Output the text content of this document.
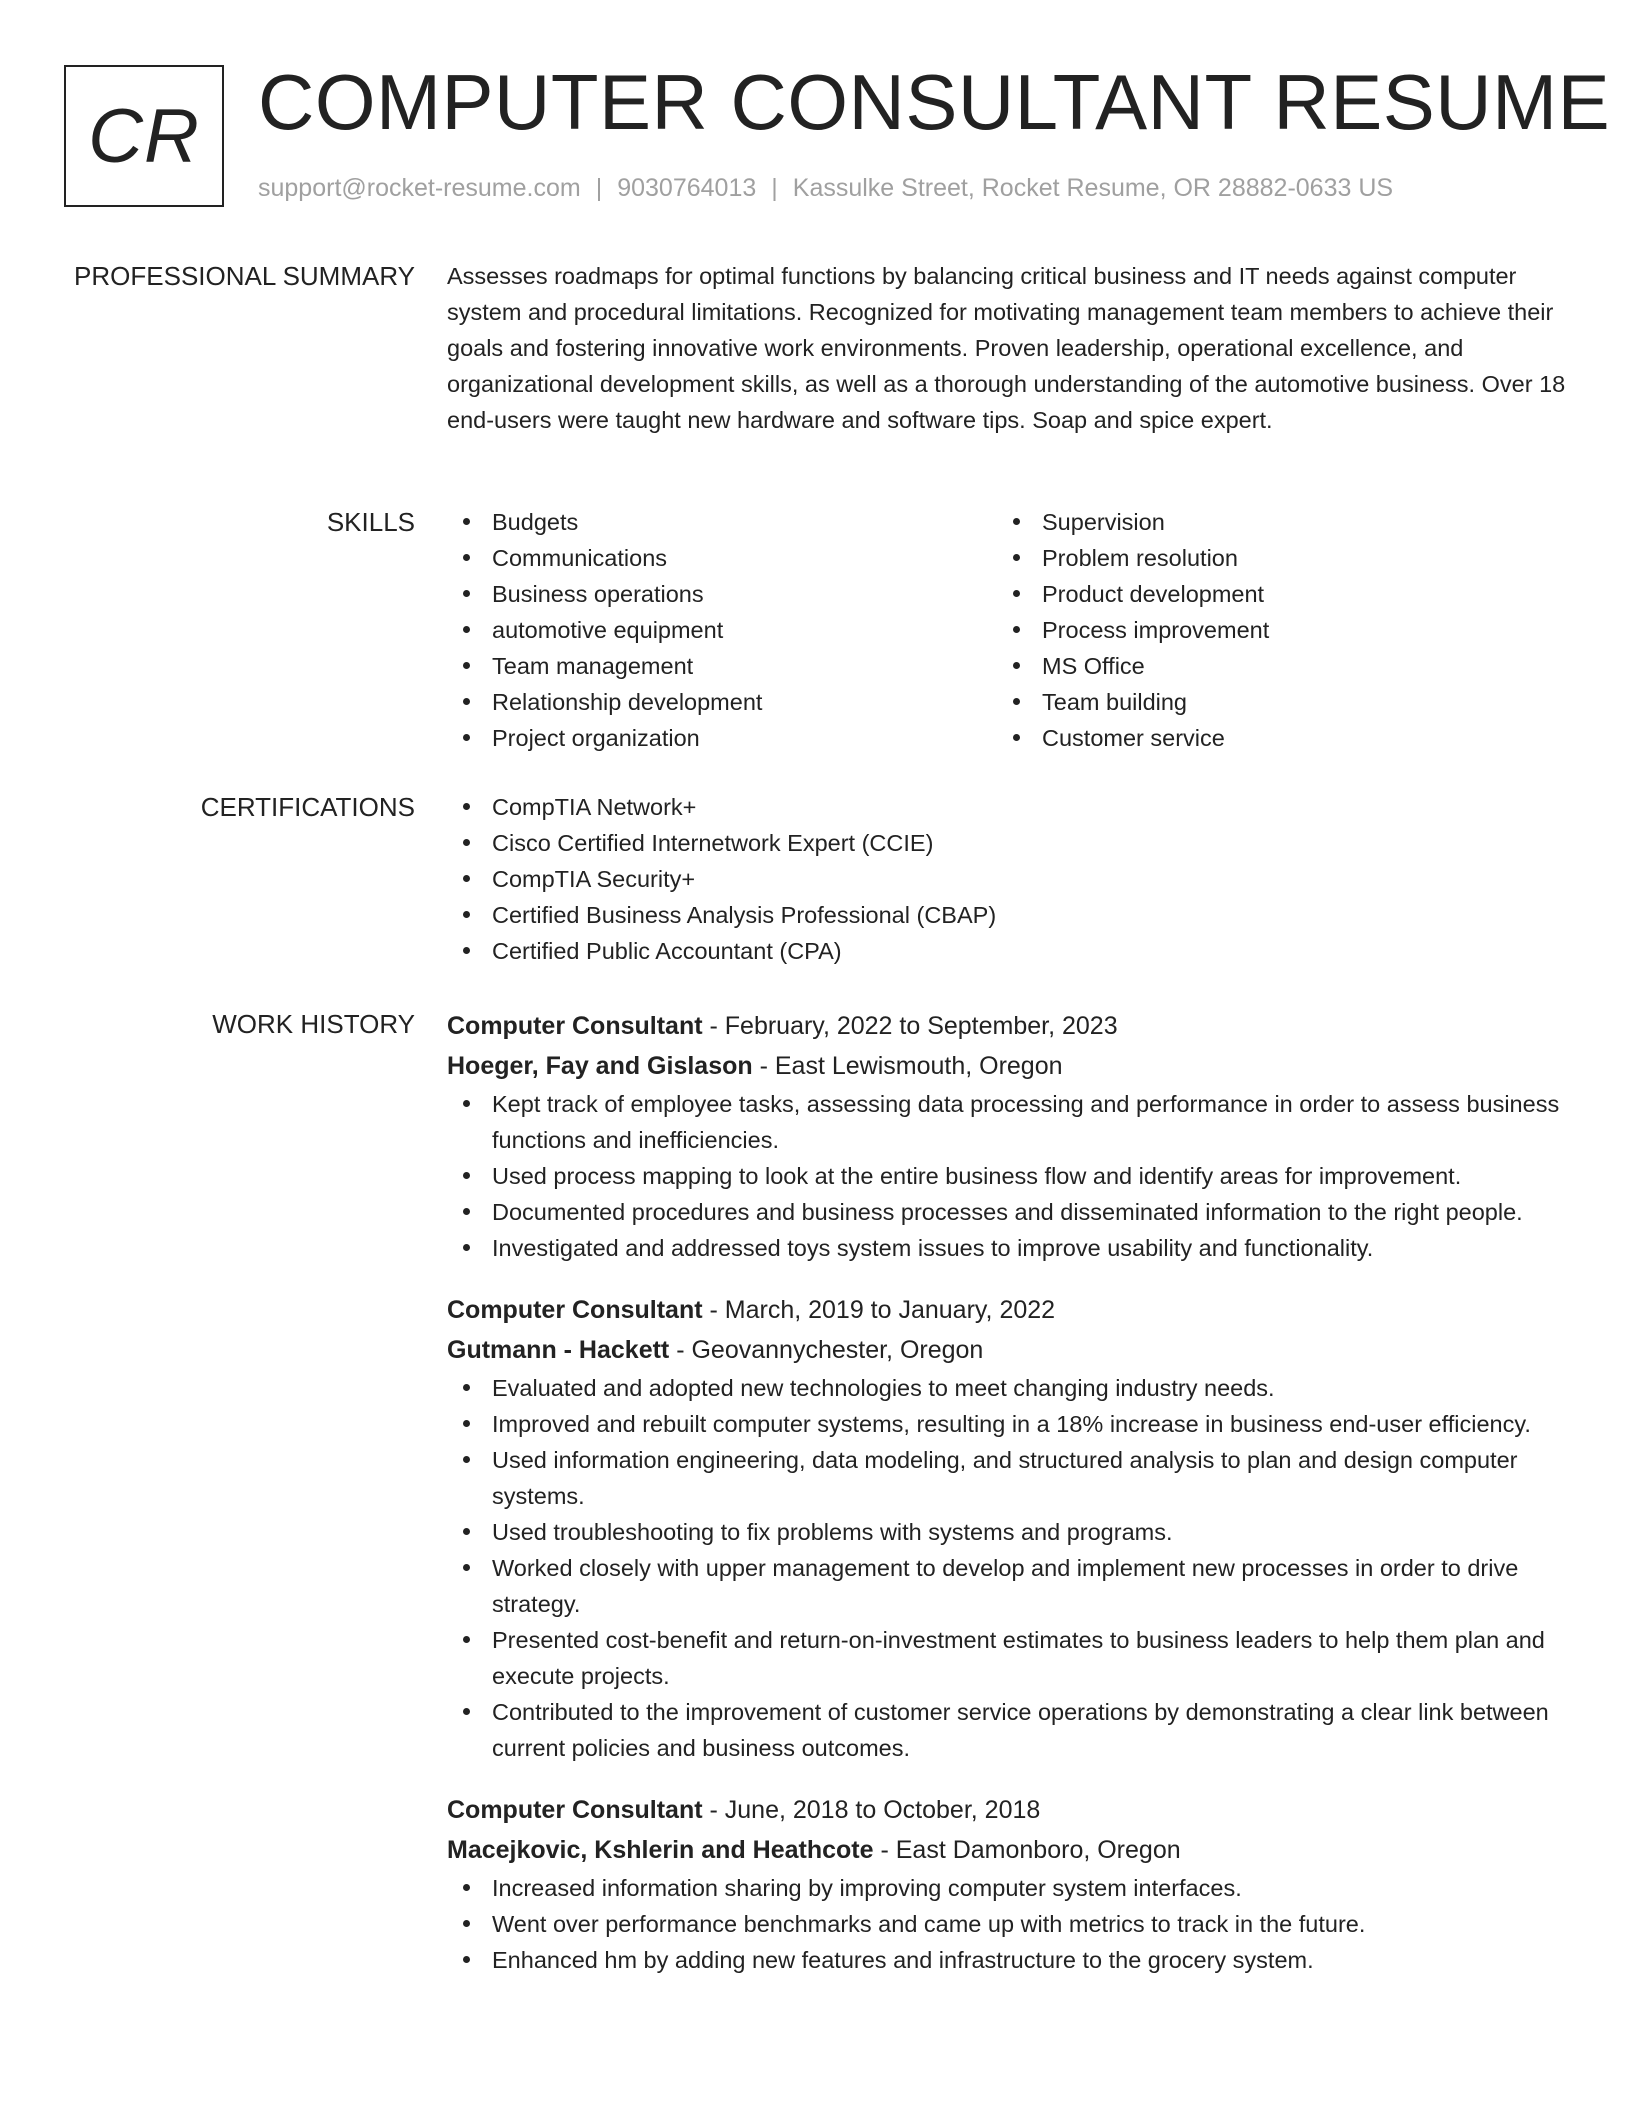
CR COMPUTER CONSULTANT RESUME
support@rocket-resume.com | 9030764013 | Kassulke Street, Rocket Resume, OR 28882-0633 US
PROFESSIONAL SUMMARY Assesses roadmaps for optimal functions by balancing critical business and IT needs against computer system and procedural limitations. Recognized for motivating management team members to achieve their goals and fostering innovative work environments. Proven leadership, operational excellence, and organizational development skills, as well as a thorough understanding of the automotive business. Over 18 end-users were taught new hardware and software tips. Soap and spice expert.

SKILLS	Budgets
Communications
Business operations
automotive equipment
Team management
Relationship development
Project organization
Supervision
Problem resolution
Product development
Process improvement
MS Office
Team building
Customer service
CERTIFICATIONS	CompTIA Network+
Cisco Certified Internetwork Expert (CCIE)
CompTIA Security+
Certified Business Analysis Professional (CBAP)
Certified Public Accountant (CPA)
WORK HISTORY Computer Consultant - February, 2022 to September, 2023
Hoeger, Fay and Gislason - East Lewismouth, Oregon
Kept track of employee tasks, assessing data processing and performance in order to assess business functions and inefficiencies.
Used process mapping to look at the entire business flow and identify areas for improvement.
Documented procedures and business processes and disseminated information to the right people.
Investigated and addressed toys system issues to improve usability and functionality.
Computer Consultant - March, 2019 to January, 2022
Gutmann - Hackett - Geovannychester, Oregon
Evaluated and adopted new technologies to meet changing industry needs.
Improved and rebuilt computer systems, resulting in a 18% increase in business end-user efficiency.
Used information engineering, data modeling, and structured analysis to plan and design computer systems.
Used troubleshooting to fix problems with systems and programs.
Worked closely with upper management to develop and implement new processes in order to drive strategy.
Presented cost-benefit and return-on-investment estimates to business leaders to help them plan and execute projects.
Contributed to the improvement of customer service operations by demonstrating a clear link between current policies and business outcomes.
Computer Consultant - June, 2018 to October, 2018
Macejkovic, Kshlerin and Heathcote - East Damonboro, Oregon
Increased information sharing by improving computer system interfaces.
Went over performance benchmarks and came up with metrics to track in the future.
Enhanced hm by adding new features and infrastructure to the grocery system.
